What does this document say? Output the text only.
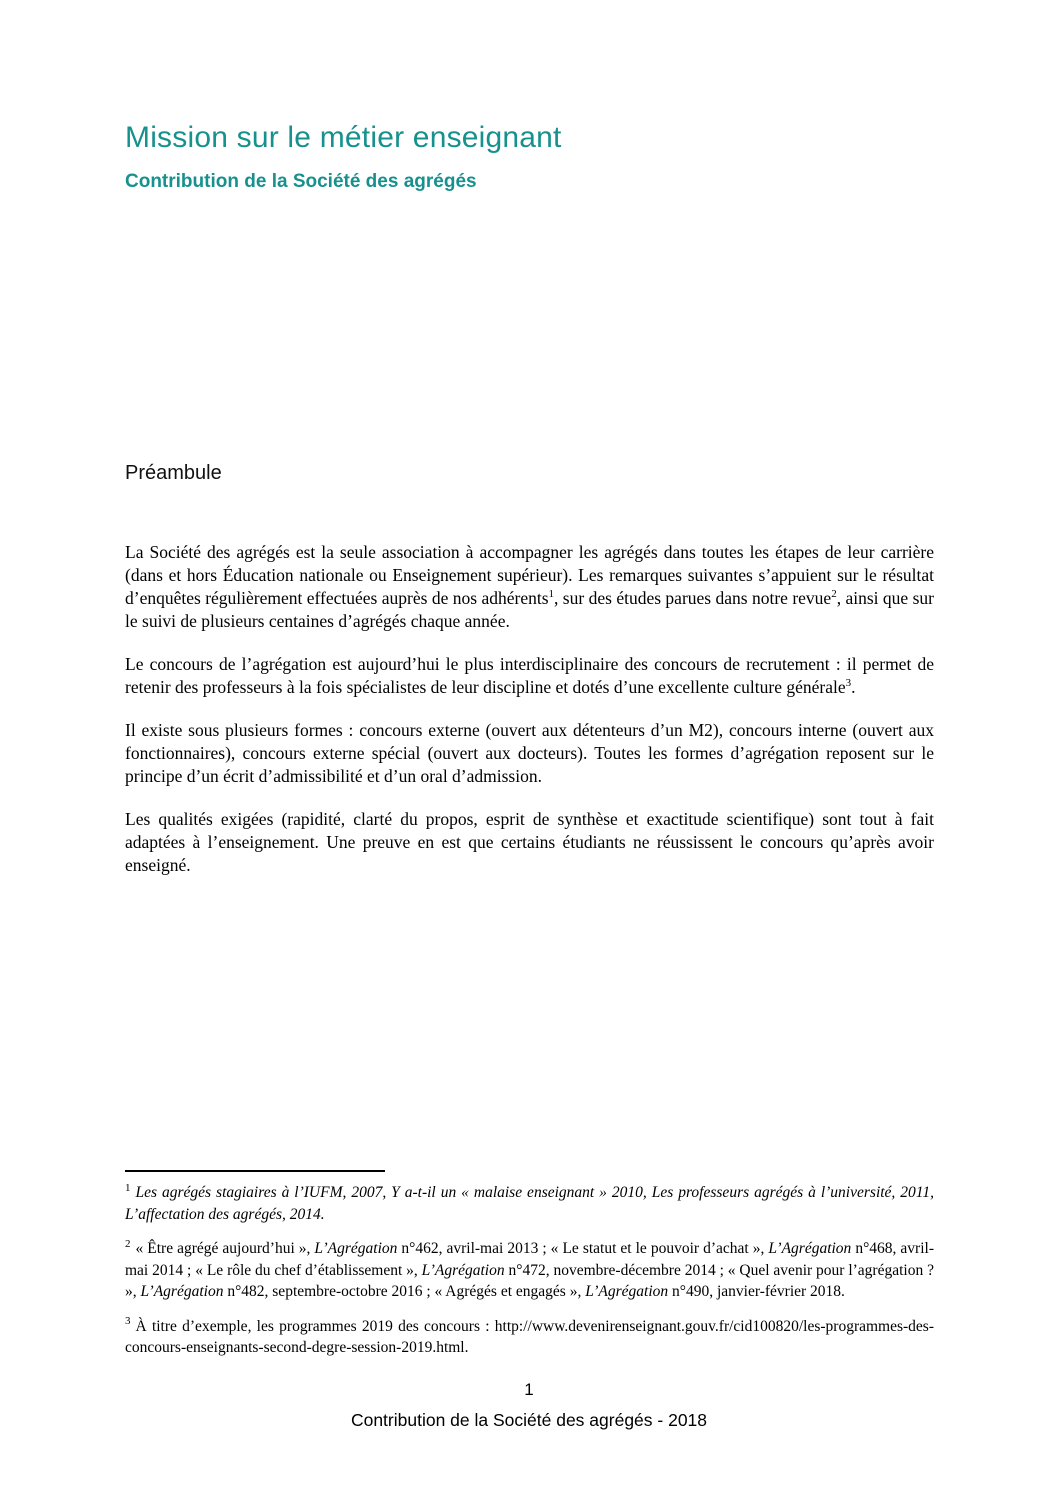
Mission sur le métier enseignant
Contribution de la Société des agrégés
Préambule

La Société des agrégés est la seule association à accompagner les agrégés dans toutes les étapes de leur carrière (dans et hors Éducation nationale ou Enseignement supérieur). Les remarques suivantes s’appuient sur le résultat d’enquêtes régulièrement effectuées auprès de nos adhérents$^1$, sur des études parues dans notre revue$^2$, ainsi que sur le suivi de plusieurs centaines d’agrégés chaque année.

Le concours de l’agrégation est aujourd’hui le plus interdisciplinaire des concours de recrutement : il permet de retenir des professeurs à la fois spécialistes de leur discipline et dotés d’une excellente culture générale$^3$.

Il existe sous plusieurs formes : concours externe (ouvert aux détenteurs d’un M2), concours interne (ouvert aux fonctionnaires), concours externe spécial (ouvert aux docteurs). Toutes les formes d’agrégation reposent sur le principe d’un écrit d’admissibilité et d’un oral d’admission.

Les qualités exigées (rapidité, clarté du propos, esprit de synthèse et exactitude scientifique) sont tout à fait adaptées à l’enseignement. Une preuve en est que certains étudiants ne réussissent le concours qu’après avoir enseigné.

$^1$ Les agrégés stagiaires à l’IUFM, 2007, Y a-t-il un « malaise enseignant » 2010, Les professeurs agrégés à l’université, 2011, L’affectation des agrégés, 2014.

$^2$ « Être agrégé aujourd’hui », L’Agrégation n°462, avril-mai 2013 ; « Le statut et le pouvoir d’achat », L’Agrégation n°468, avril-mai 2014 ; « Le rôle du chef d’établissement », L’Agrégation n°472, novembre-décembre 2014 ; « Quel avenir pour l’agrégation ? », L’Agrégation n°482, septembre-octobre 2016 ; « Agrégés et engagés », L’Agrégation n°490, janvier-février 2018.

$^3$ À titre d’exemple, les programmes 2019 des concours : http://www.devenirenseignant.gouv.fr/cid100820/les-programmes-des-concours-enseignants-second-degre-session-2019.html.

1
Contribution de la Société des agrégés - 2018
